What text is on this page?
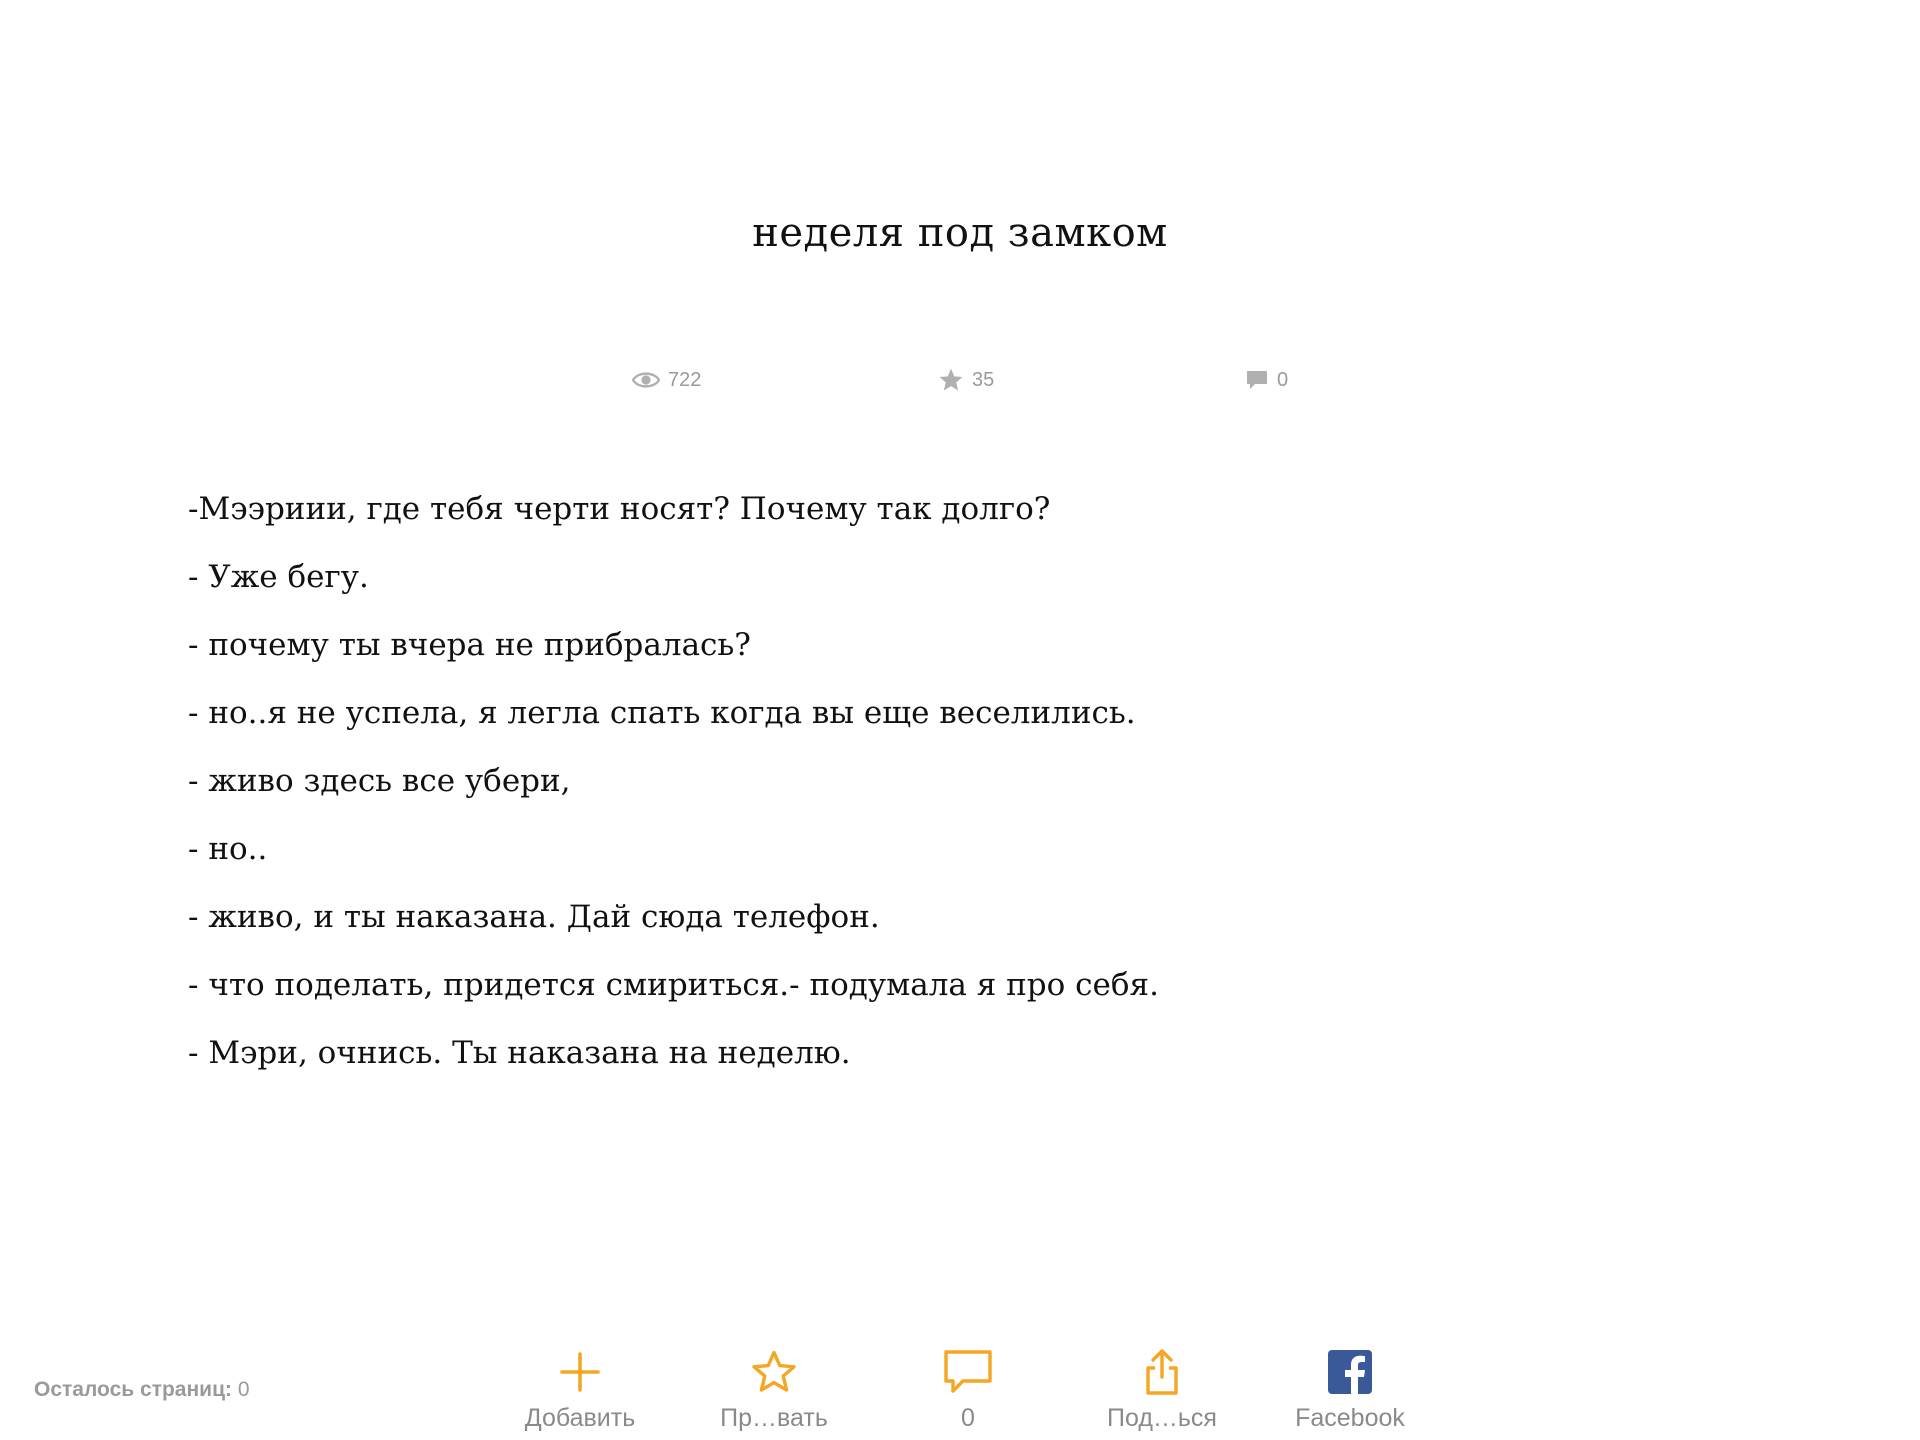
неделя под замком
722	35	0

-Мээриии, где тебя черти носят? Почему так долго?

- Уже бегу.

- почему ты вчера не прибралась?

- но..я не успела, я легла спать когда вы еще веселились.

- живо здесь все убери,

- но..

- живо, и ты наказана. Дай сюда телефон.

- что поделать, придется смириться.- подумала я про себя.

- Мэри, очнись. Ты наказана на неделю.

Осталось страниц: 0
Добавить	Пр…вать	0	Под…ься	Facebook
